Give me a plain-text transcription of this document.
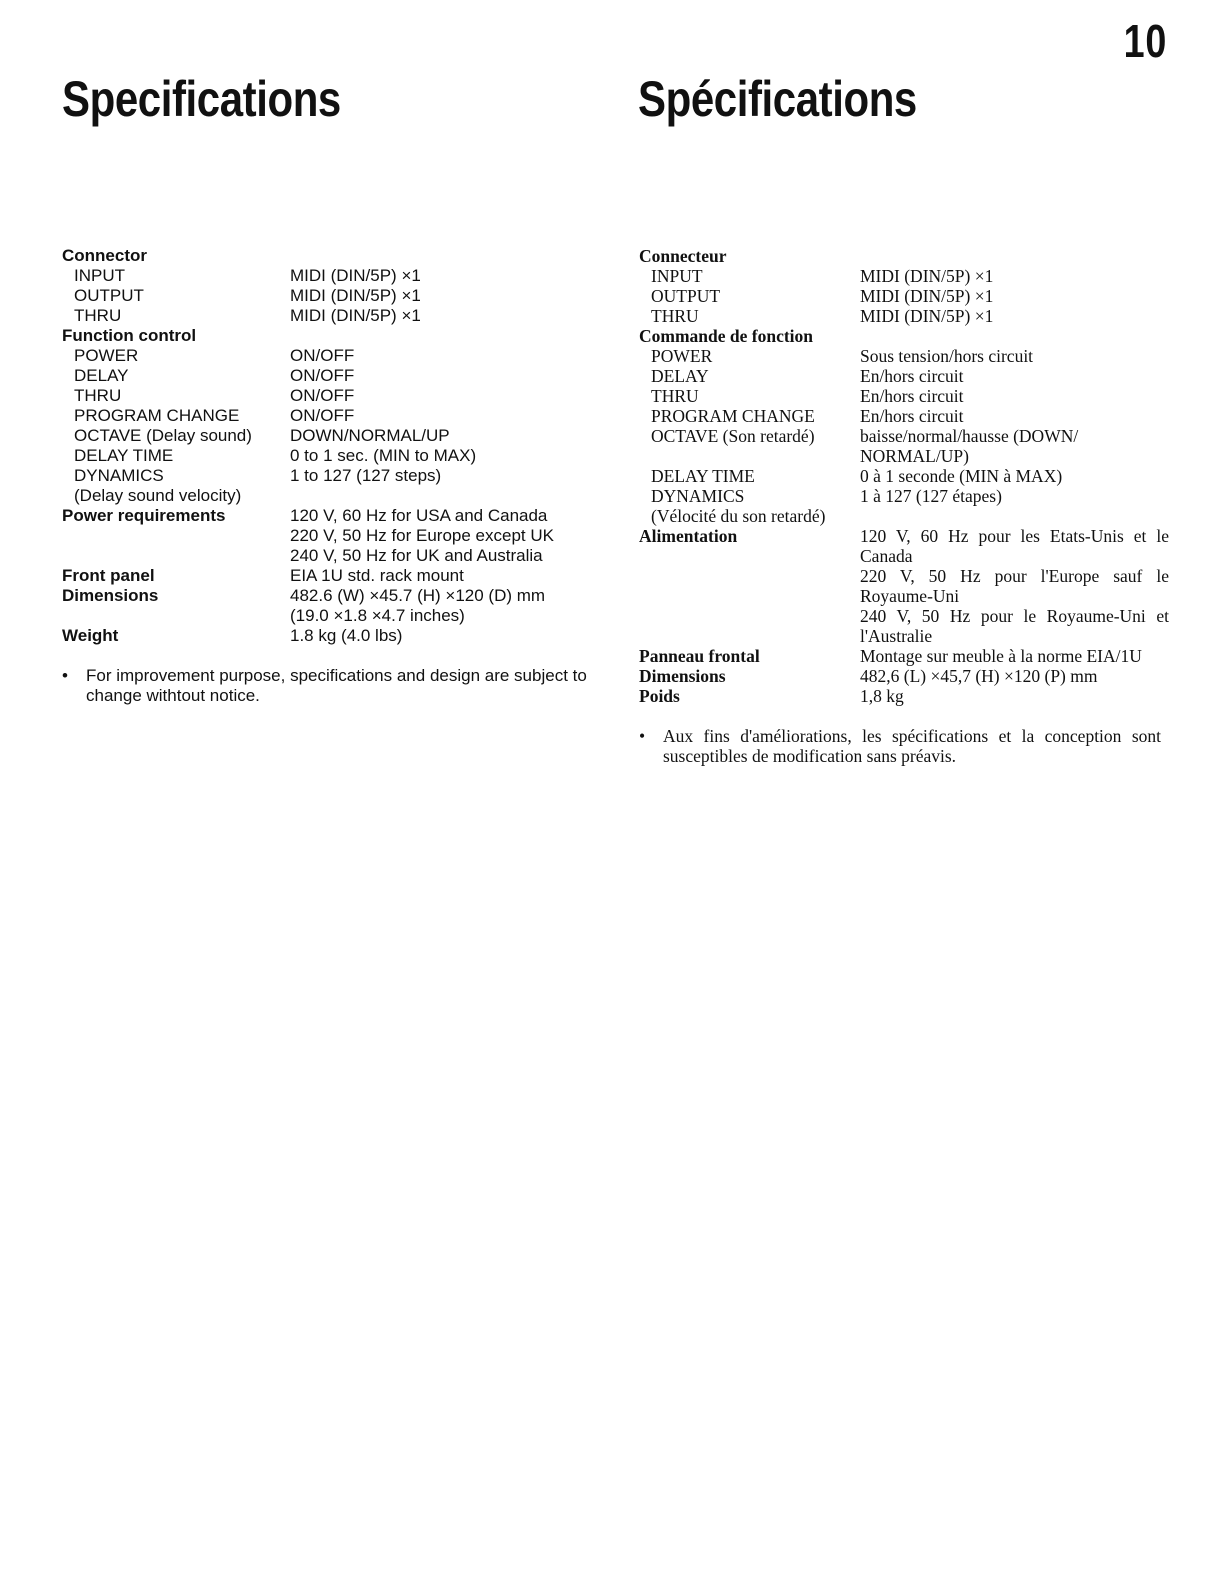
10
Specifications	Spécifications
Connector	
INPUT	MIDI (DIN/5P) ×1
OUTPUT	MIDI (DIN/5P) ×1
THRU	MIDI (DIN/5P) ×1
Function control	
POWER	ON/OFF
DELAY	ON/OFF
THRU	ON/OFF
PROGRAM CHANGE	ON/OFF
OCTAVE (Delay sound)	DOWN/NORMAL/UP
DELAY TIME	0 to 1 sec. (MIN to MAX)
DYNAMICS	1 to 127 (127 steps)
(Delay sound velocity)	
Power requirements	120 V, 60 Hz for USA and Canada
	220 V, 50 Hz for Europe except UK
	240 V, 50 Hz for UK and Australia
Front panel	EIA 1U std. rack mount
Dimensions	482.6 (W) ×45.7 (H) ×120 (D) mm
	(19.0 ×1.8 ×4.7 inches)
Weight	1.8 kg (4.0 lbs)
•	For improvement purpose, specifications and design are subject to change withtout notice.
Connecteur	
INPUT	MIDI (DIN/5P) ×1
OUTPUT	MIDI (DIN/5P) ×1
THRU	MIDI (DIN/5P) ×1
Commande de fonction	
POWER	Sous tension/hors circuit
DELAY	En/hors circuit
THRU	En/hors circuit
PROGRAM CHANGE	En/hors circuit
OCTAVE (Son retardé)	baisse/normal/hausse (DOWN/
	NORMAL/UP)
DELAY TIME	0 à 1 seconde (MIN à MAX)
DYNAMICS	1 à 127 (127 étapes)
(Vélocité du son retardé)	
Alimentation	120 V, 60 Hz pour les Etats-Unis et le Canada
	220 V, 50 Hz pour l'Europe sauf le Royaume-Uni
	240 V, 50 Hz pour le Royaume-Uni et l'Australie
Panneau frontal	Montage sur meuble à la norme EIA/1U
Dimensions	482,6 (L) ×45,7 (H) ×120 (P) mm
Poids	1,8 kg
•	Aux fins d'améliorations, les spécifications et la conception sont susceptibles de modification sans préavis.
